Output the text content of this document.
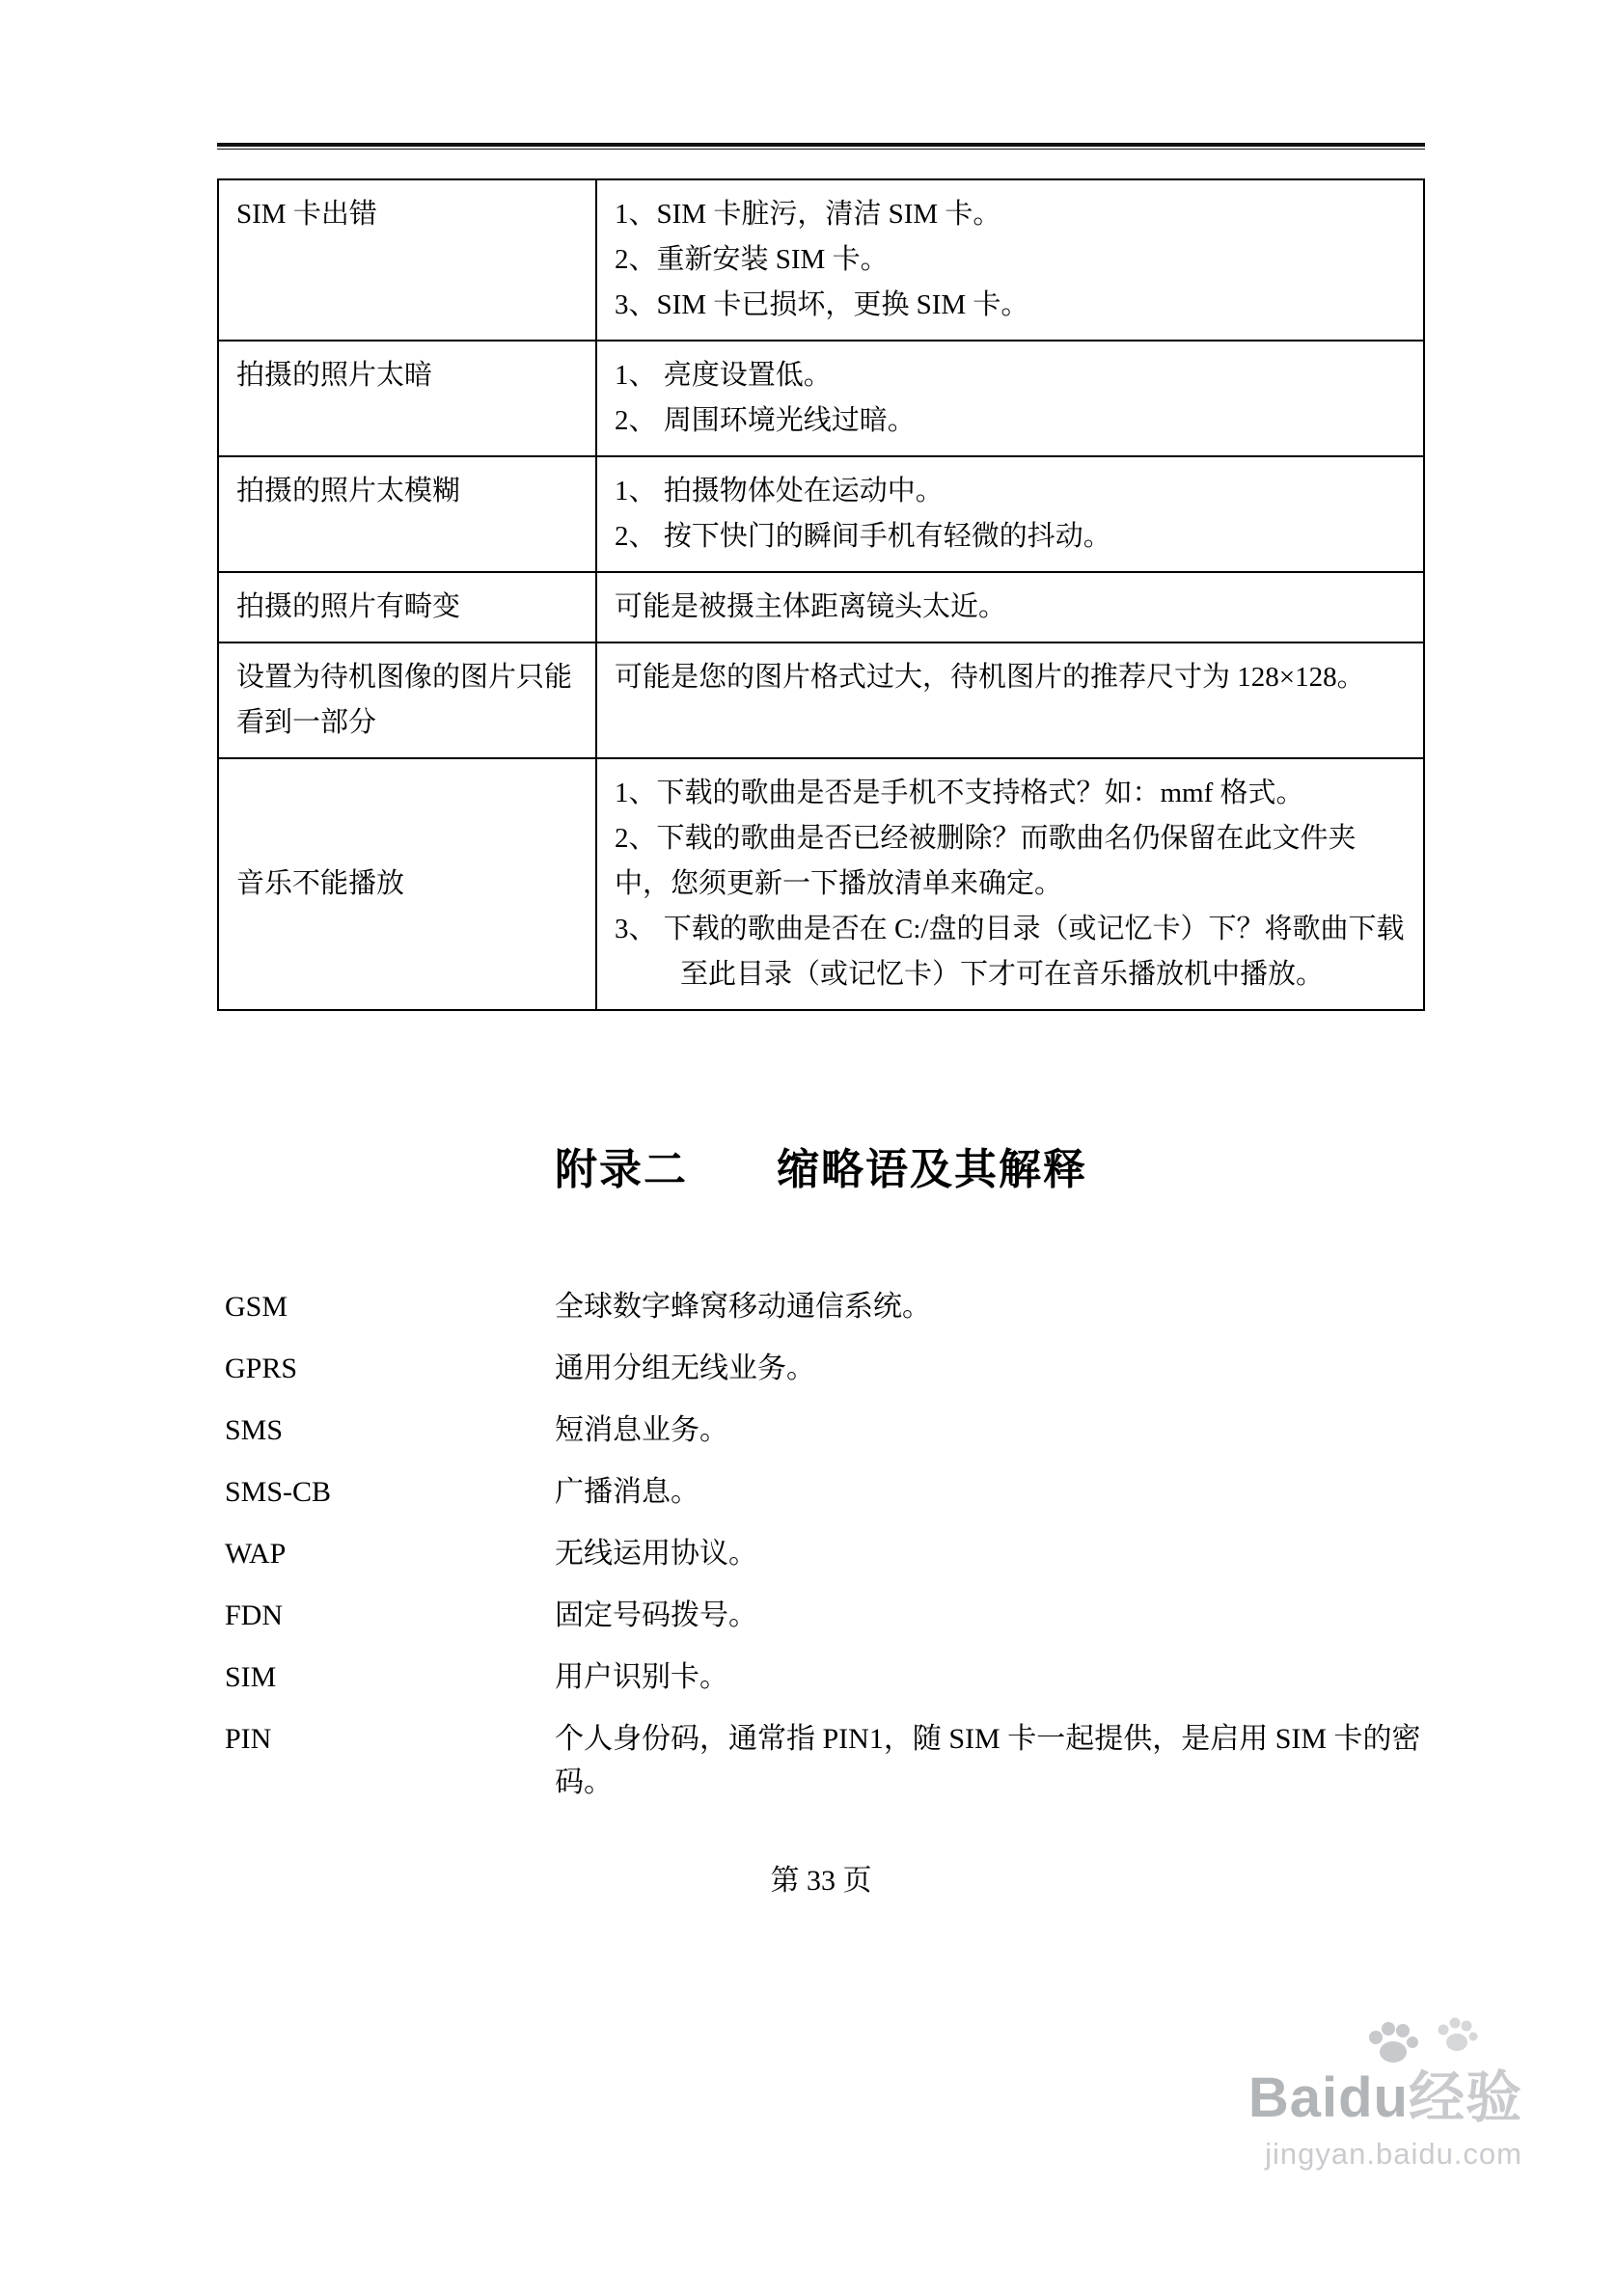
SIM 卡出错	1、SIM 卡脏污，清洁 SIM 卡。

2、重新安装 SIM 卡。

3、SIM 卡已损坏，更换 SIM 卡。

拍摄的照片太暗	1、 亮度设置低。

2、 周围环境光线过暗。

拍摄的照片太模糊	1、 拍摄物体处在运动中。

2、 按下快门的瞬间手机有轻微的抖动。

拍摄的照片有畸变	可能是被摄主体距离镜头太近。

设置为待机图像的图片只能看到一部分	可能是您的图片格式过大，待机图片的推荐尺寸为 128×128。

音乐不能播放	1、下载的歌曲是否是手机不支持格式？如：mmf 格式。

2、下载的歌曲是否已经被删除？而歌曲名仍保留在此文件夹中，您须更新一下播放清单来确定。

3、 下载的歌曲是否在 C:/盘的目录（或记忆卡）下？将歌曲下载至此目录（或记忆卡）下才可在音乐播放机中播放。

附录二　　缩略语及其解释
GSM	全球数字蜂窝移动通信系统。
GPRS	通用分组无线业务。
SMS	短消息业务。
SMS-CB	广播消息。
WAP	无线运用协议。
FDN	固定号码拨号。
SIM	用户识别卡。
PIN	个人身份码，通常指 PIN1，随 SIM 卡一起提供，是启用 SIM 卡的密码。
第 33 页
Baidu经验
jingyan.baidu.com
